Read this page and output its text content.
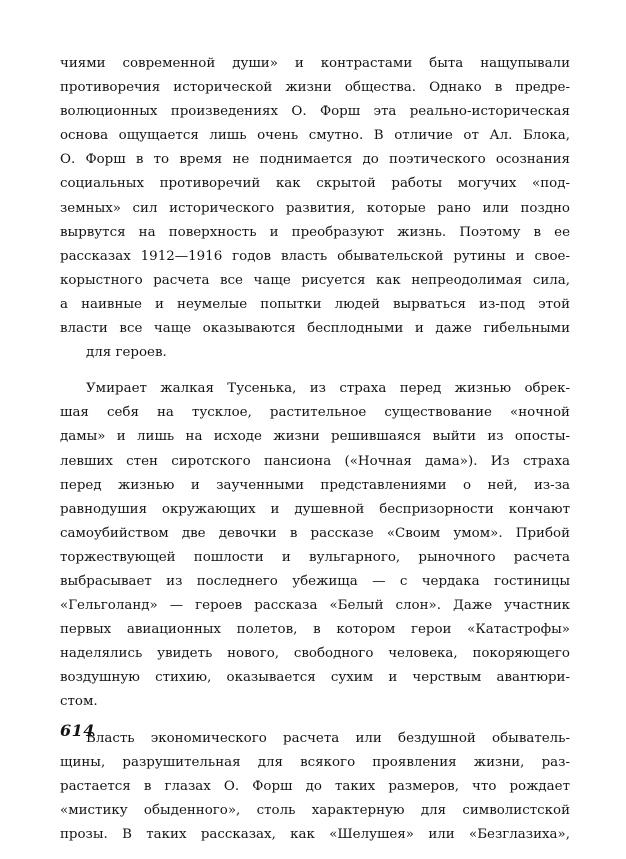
чиями современной души» и контрастами быта нащупывали
противоречия исторической жизни общества. Однако в предре-
волюционных произведениях О. Форш эта реально-историческая
основа ощущается лишь очень смутно. В отличие от Ал. Блока,
О. Форш в то время не поднимается до поэтического осознания
социальных противоречий как скрытой работы могучих «под-
земных» сил исторического развития, которые рано или поздно
вырвутся на поверхность и преобразуют жизнь. Поэтому в ее
рассказах 1912—1916 годов власть обывательской рутины и свое-
корыстного расчета все чаще рисуется как непреодолимая сила,
а наивные и неумелые попытки людей вырваться из-под этой
власти все чаще оказываются бесплодными и даже гибельными
для героев.

Умирает жалкая Тусенька, из страха перед жизнью обрек-
шая себя на тусклое, растительное существование «ночной
дамы» и лишь на исходе жизни решившаяся выйти из опосты-
левших стен сиротского пансиона («Ночная дама»). Из страха
перед жизнью и заученными представлениями о ней, из-за
равнодушия окружающих и душевной беспризорности кончают
самоубийством две девочки в рассказе «Своим умом». Прибой
торжествующей пошлости и вульгарного, рыночного расчета
выбрасывает из последнего убежища — с чердака гостиницы
«Гельголанд» — героев рассказа «Белый слон». Даже участник
первых авиационных полетов, в котором герои «Катастрофы»
наделялись увидеть нового, свободного человека, покоряющего
воздушную стихию, оказывается сухим и черствым авантюри-
стом.

Власть экономического расчета или бездушной обыватель-
щины, разрушительная для всякого проявления жизни, раз-
растается в глазах О. Форш до таких размеров, что рождает
«мистику обыденного», столь характерную для символистской
прозы. В таких рассказах, как «Шелушея» или «Безглазиха»,

614
